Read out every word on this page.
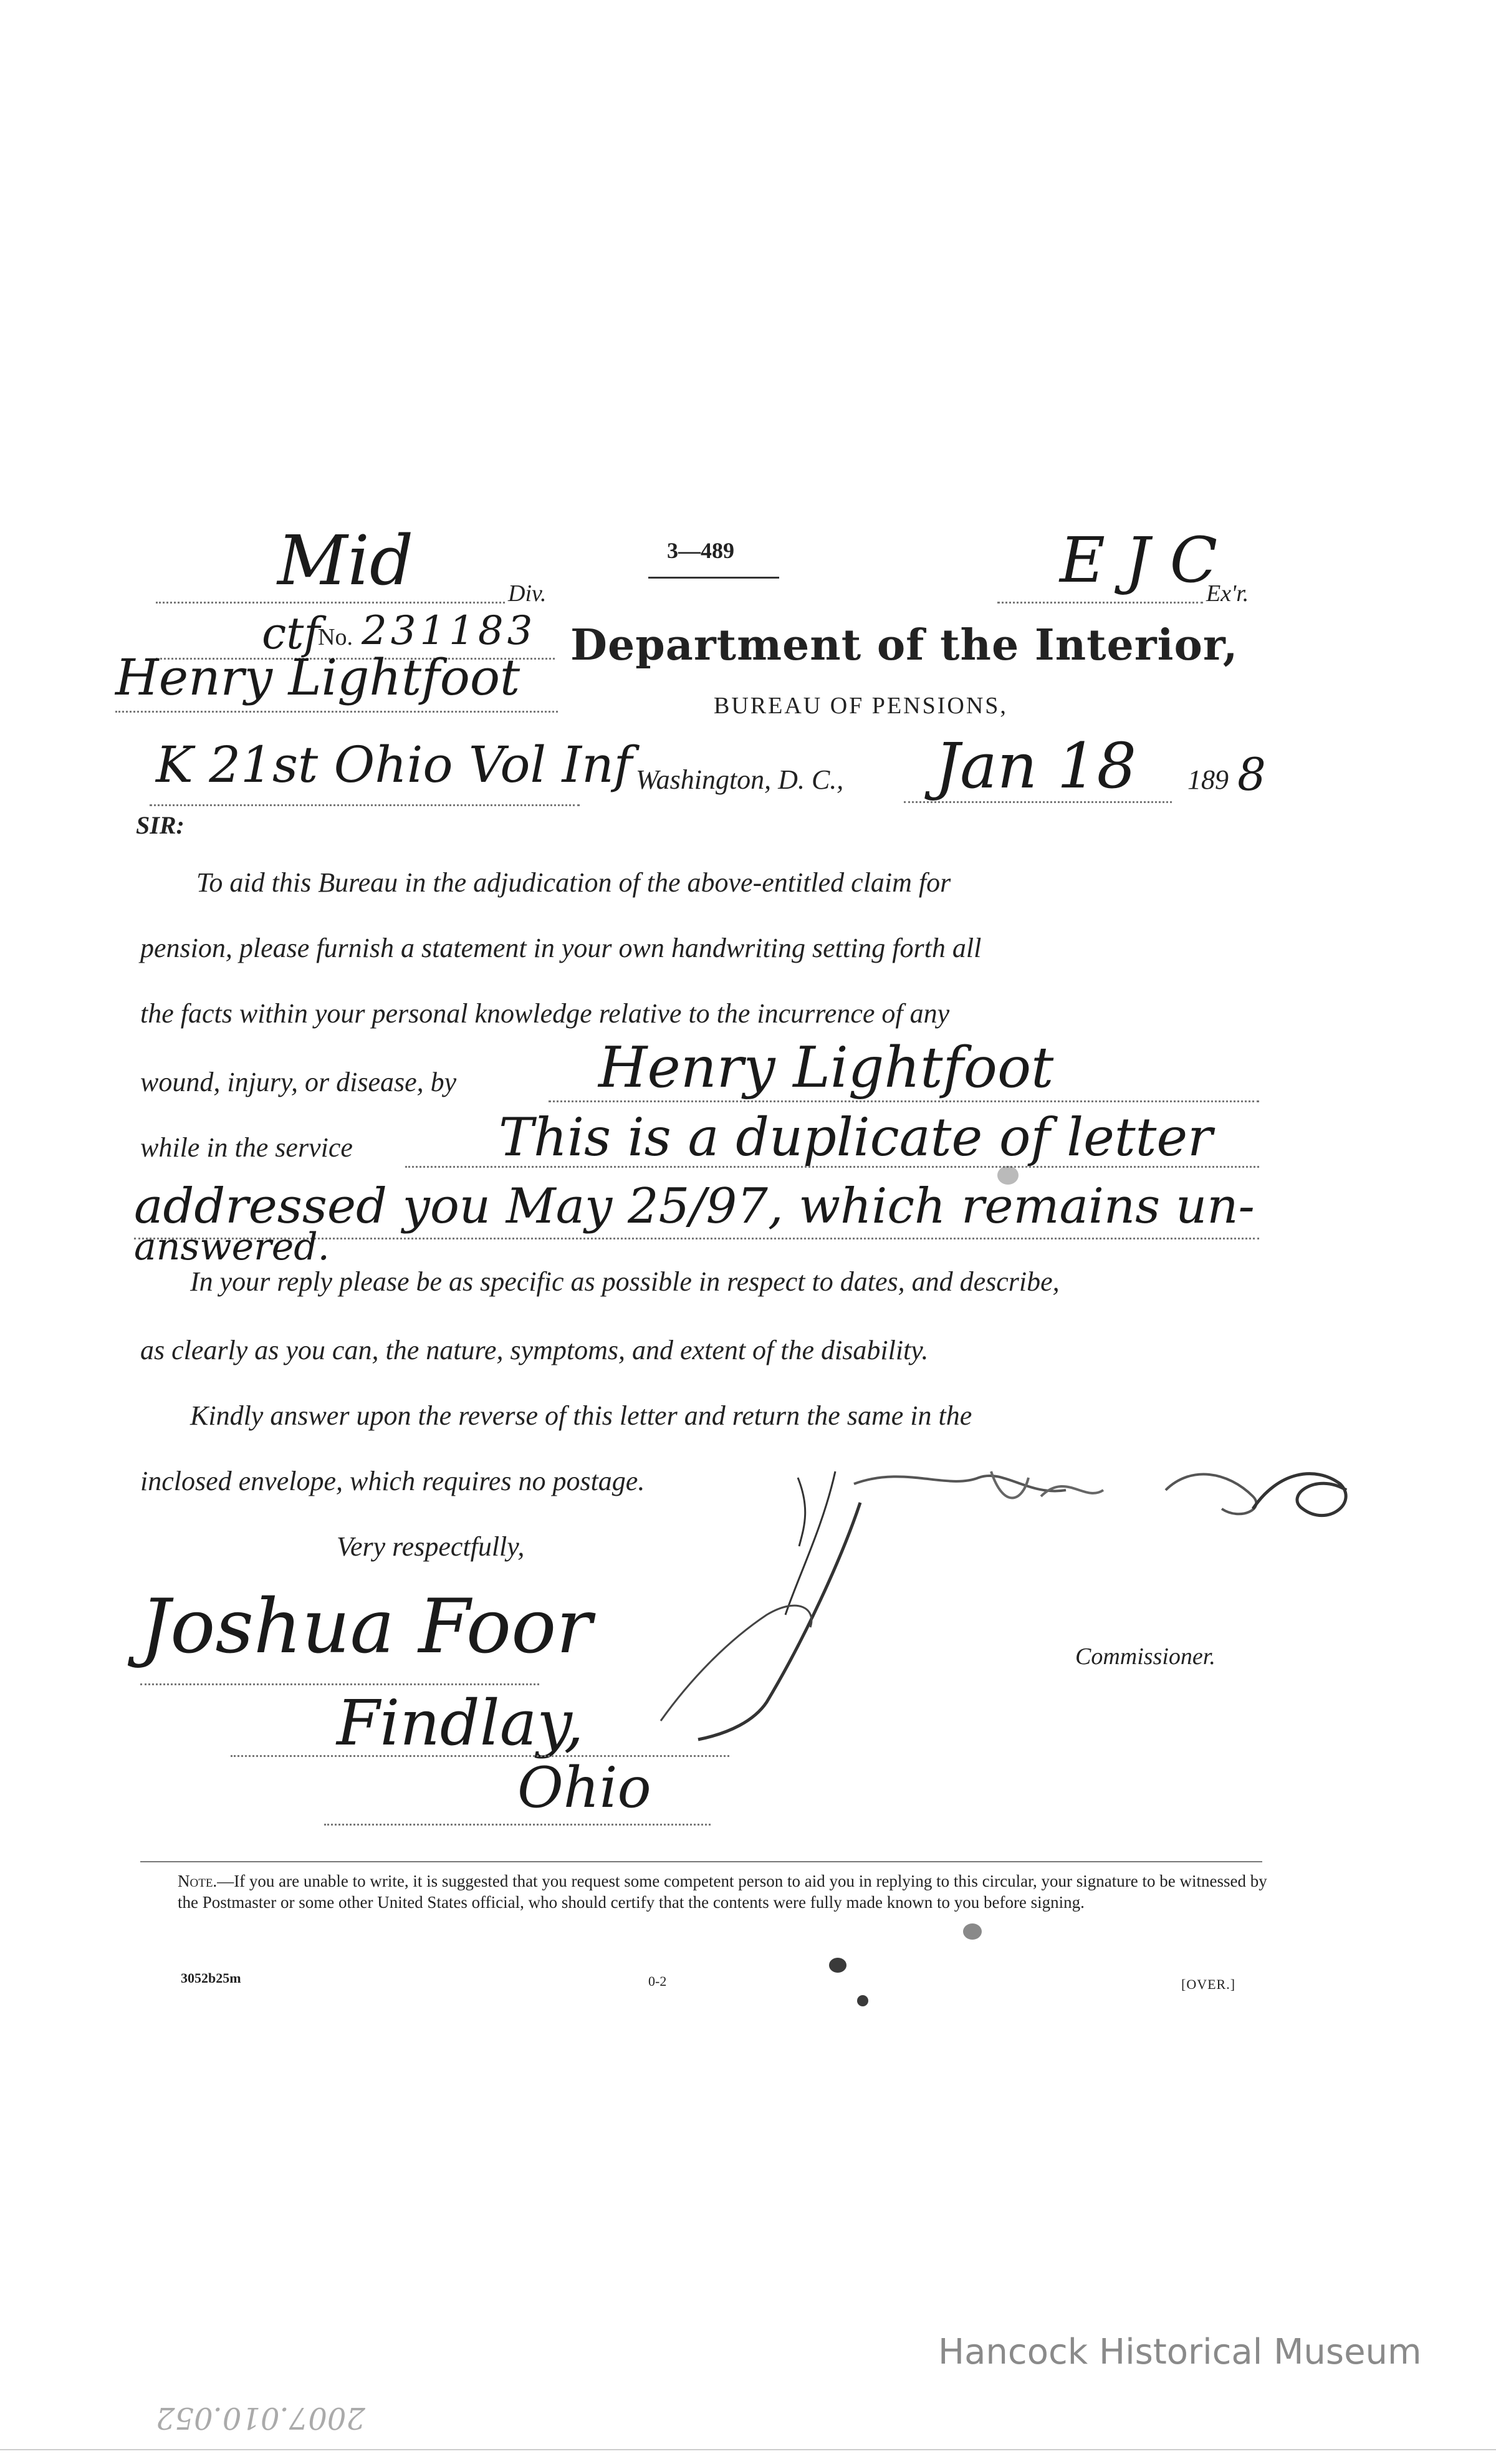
3—489
Mid	Div.	E J C
Ex'r.
ctf
No. 231183 Department of the Interior,
BUREAU OF PENSIONS,
Henry Lightfoot
K 21st Ohio Vol Inf Washington, D. C., Jan 18 189 8
SIR:
To aid this Bureau in the adjudication of the above-entitled claim for
pension, please furnish a statement in your own handwriting setting forth all
the facts within your personal knowledge relative to the incurrence of any
wound, injury, or disease, by	Henry Lightfoot
while in the service	This is a duplicate of letter
addressed you May 25/97, which remains un-
answered.
In your reply please be as specific as possible in respect to dates, and describe,
as clearly as you can, the nature, symptoms, and extent of the disability.
Kindly answer upon the reverse of this letter and return the same in the
inclosed envelope, which requires no postage.
Very respectfully,
Commissioner.
Joshua Foor
Findlay,
Ohio
Note.—If you are unable to write, it is suggested that you request some competent person to aid you in replying to this circular, your signature to be witnessed by the Postmaster or some other United States official, who should certify that the contents were fully made known to you before signing.
3052b25m	0-2	[OVER.]
Hancock Historical Museum
2007.010.052
